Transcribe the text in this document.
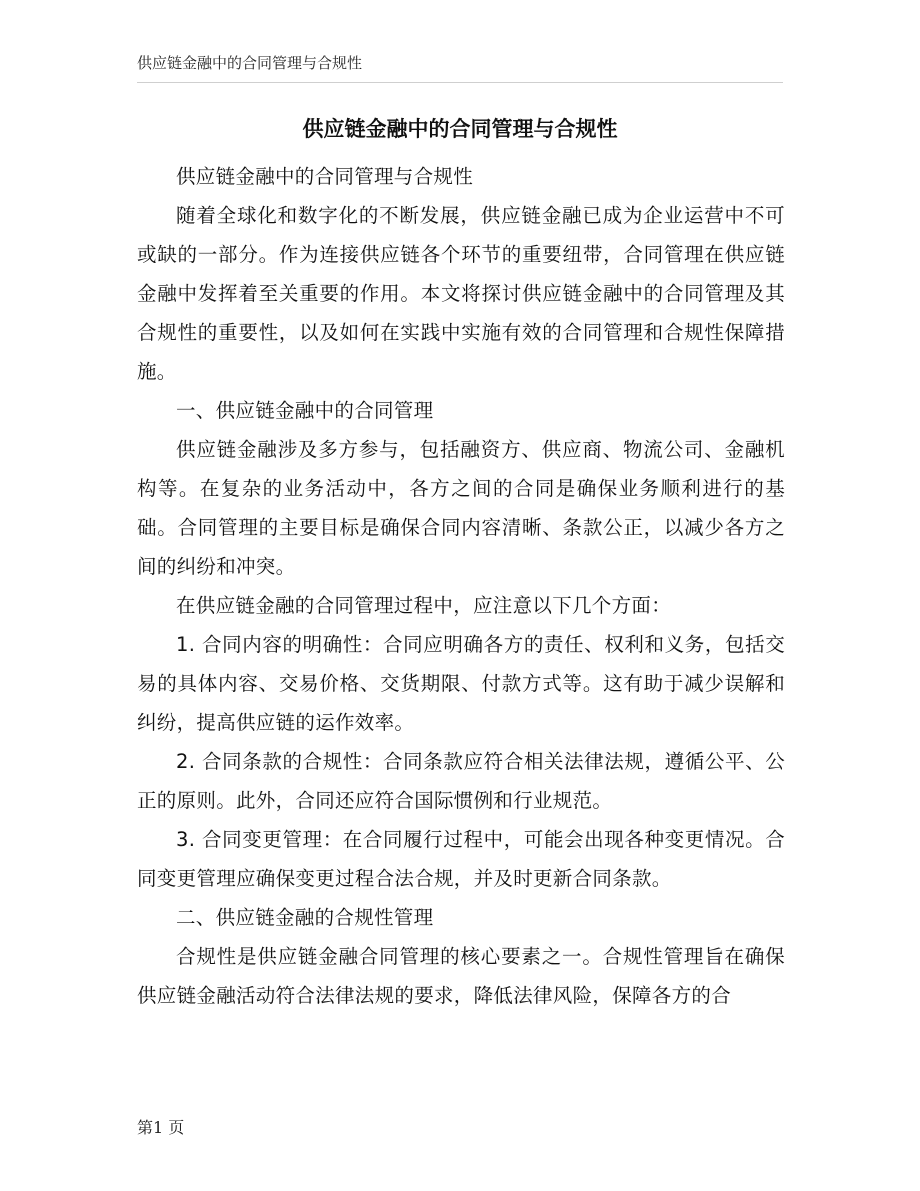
供应链金融中的合同管理与合规性
供应链金融中的合同管理与合规性

供应链金融中的合同管理与合规性

随着全球化和数字化的不断发展，供应链金融已成为企业运营中不可或缺的一部分。作为连接供应链各个环节的重要纽带，合同管理在供应链金融中发挥着至关重要的作用。本文将探讨供应链金融中的合同管理及其合规性的重要性，以及如何在实践中实施有效的合同管理和合规性保障措施。

一、供应链金融中的合同管理

供应链金融涉及多方参与，包括融资方、供应商、物流公司、金融机构等。在复杂的业务活动中，各方之间的合同是确保业务顺利进行的基础。合同管理的主要目标是确保合同内容清晰、条款公正，以减少各方之间的纠纷和冲突。

在供应链金融的合同管理过程中，应注意以下几个方面：

1. 合同内容的明确性：合同应明确各方的责任、权利和义务，包括交易的具体内容、交易价格、交货期限、付款方式等。这有助于减少误解和纠纷，提高供应链的运作效率。

2. 合同条款的合规性：合同条款应符合相关法律法规，遵循公平、公正的原则。此外，合同还应符合国际惯例和行业规范。

3. 合同变更管理：在合同履行过程中，可能会出现各种变更情况。合同变更管理应确保变更过程合法合规，并及时更新合同条款。

二、供应链金融的合规性管理

合规性是供应链金融合同管理的核心要素之一。合规性管理旨在确保供应链金融活动符合法律法规的要求，降低法律风险，保障各方的合

第1 页
